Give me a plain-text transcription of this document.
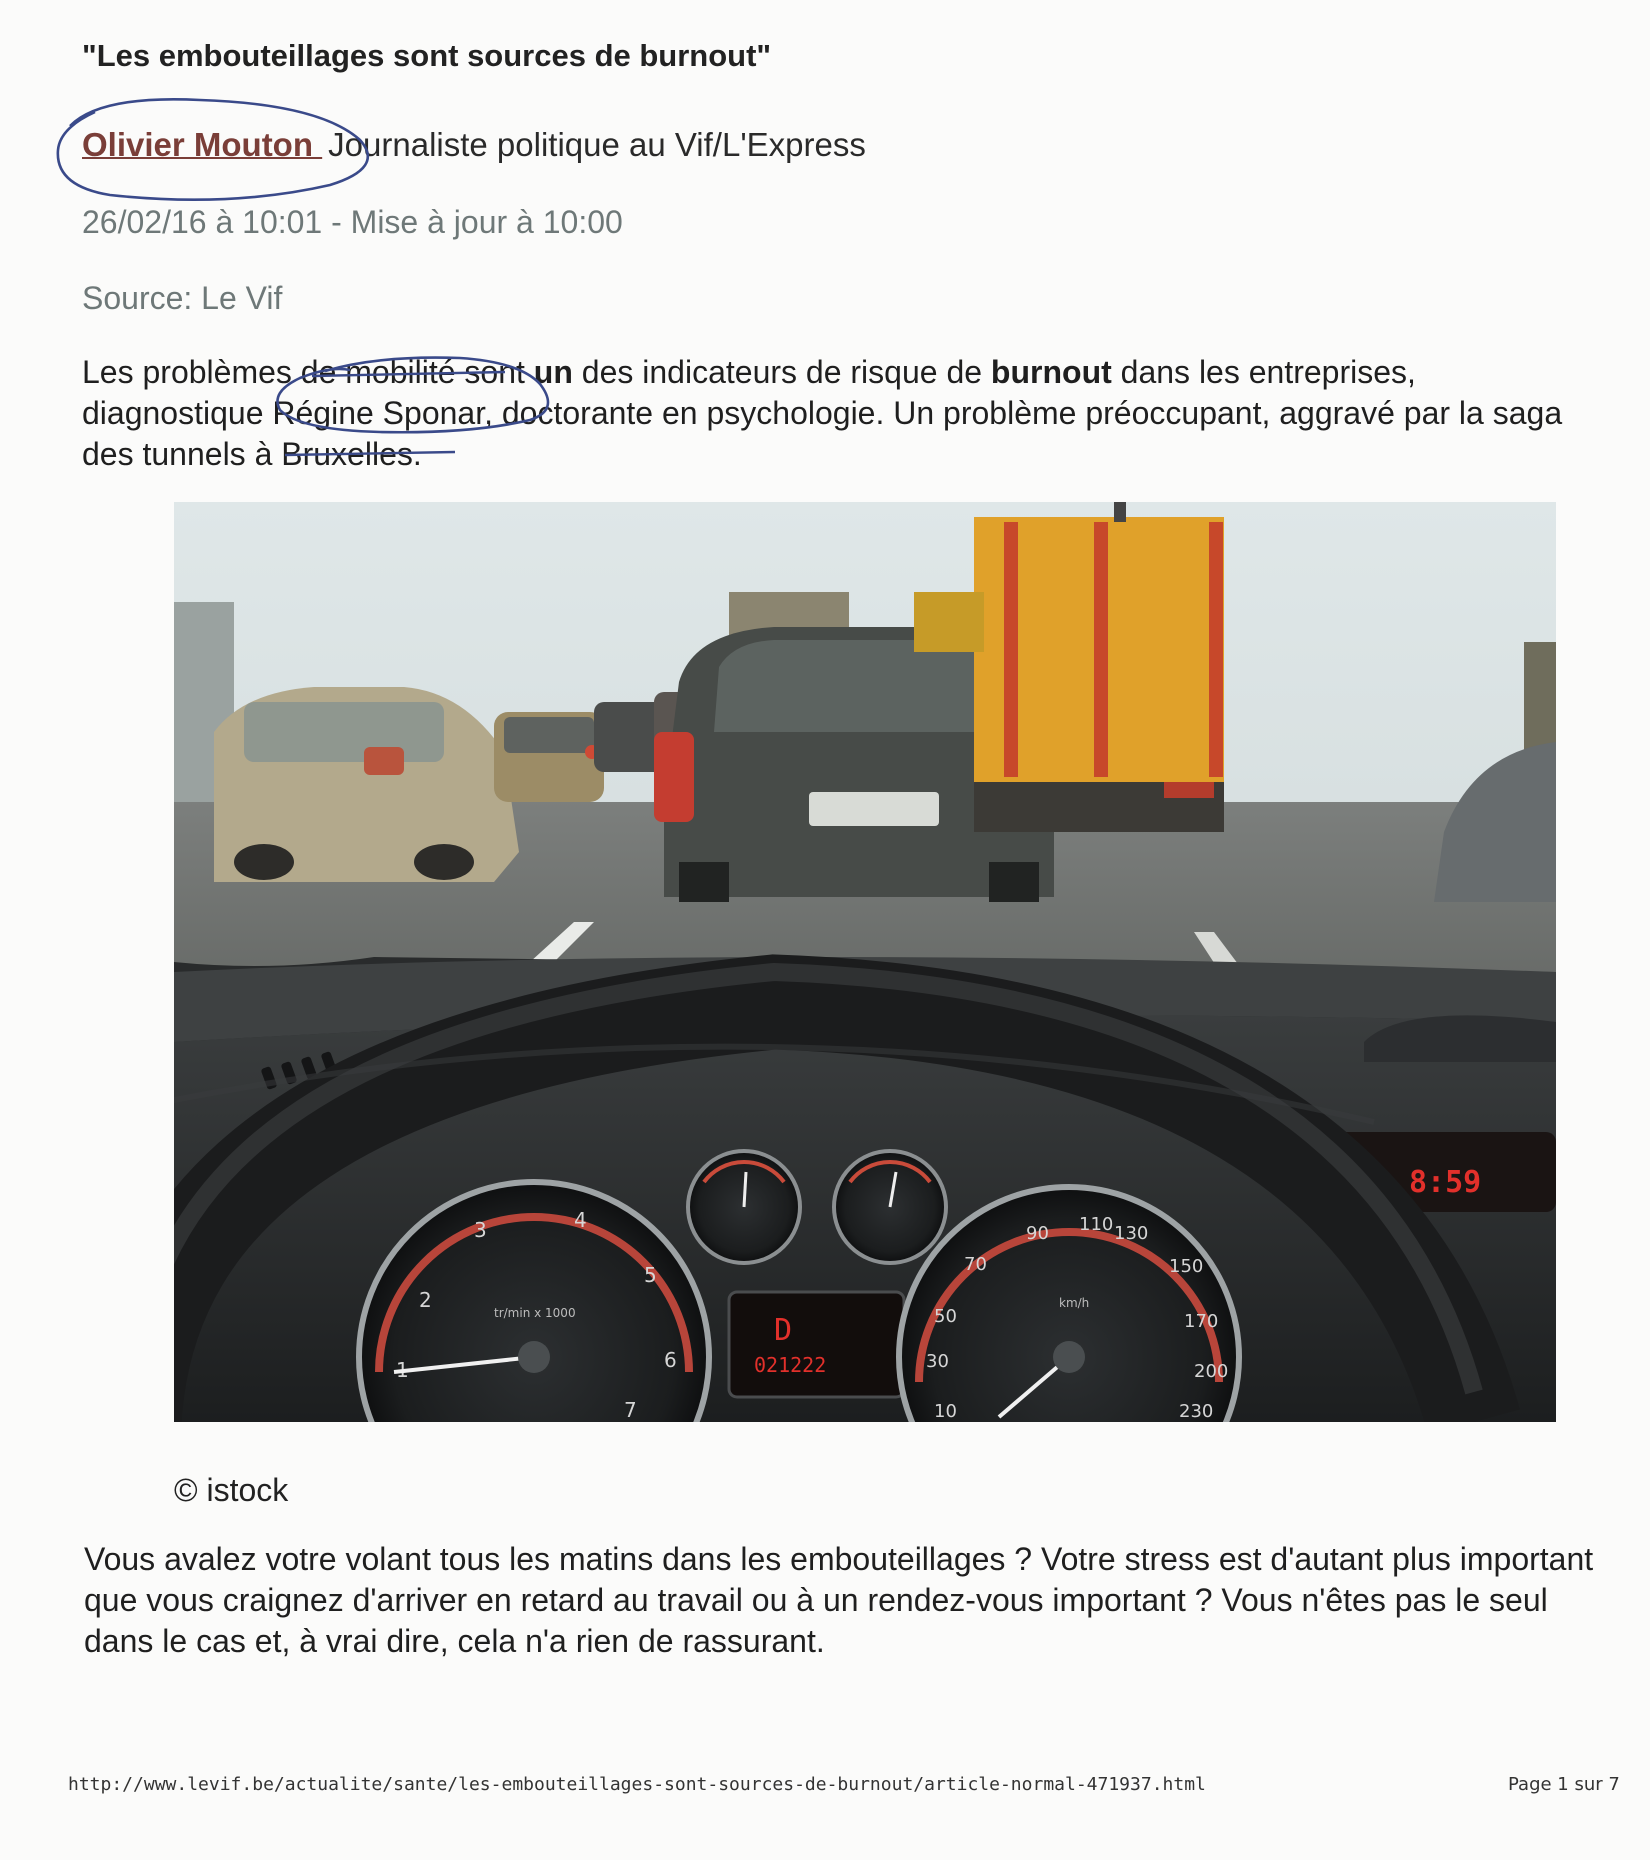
"Les embouteillages sont sources de burnout"
Olivier Mouton Journaliste politique au Vif/L'Express
26/02/16 à 10:01 - Mise à jour à 10:00
Source: Le Vif

Les problèmes de mobilité sont un des indicateurs de risque de burnout dans les entreprises, diagnostique Régine Sponar, doctorante en psychologie. Un problème préoccupant, aggravé par la saga des tunnels à Bruxelles.

8:59
2
3	4
5
6
7
tr/min x 1000	D
021222
10
30
50
70
90 110 130
150
170
200
230
km/h
© istock

Vous avalez votre volant tous les matins dans les embouteillages ? Votre stress est d'autant plus important que vous craignez d'arriver en retard au travail ou à un rendez-vous important ? Vous n'êtes pas le seul dans le cas et, à vrai dire, cela n'a rien de rassurant.

http://www.levif.be/actualite/sante/les-embouteillages-sont-sources-de-burnout/article-normal-471937.html	Page 1 sur 7
